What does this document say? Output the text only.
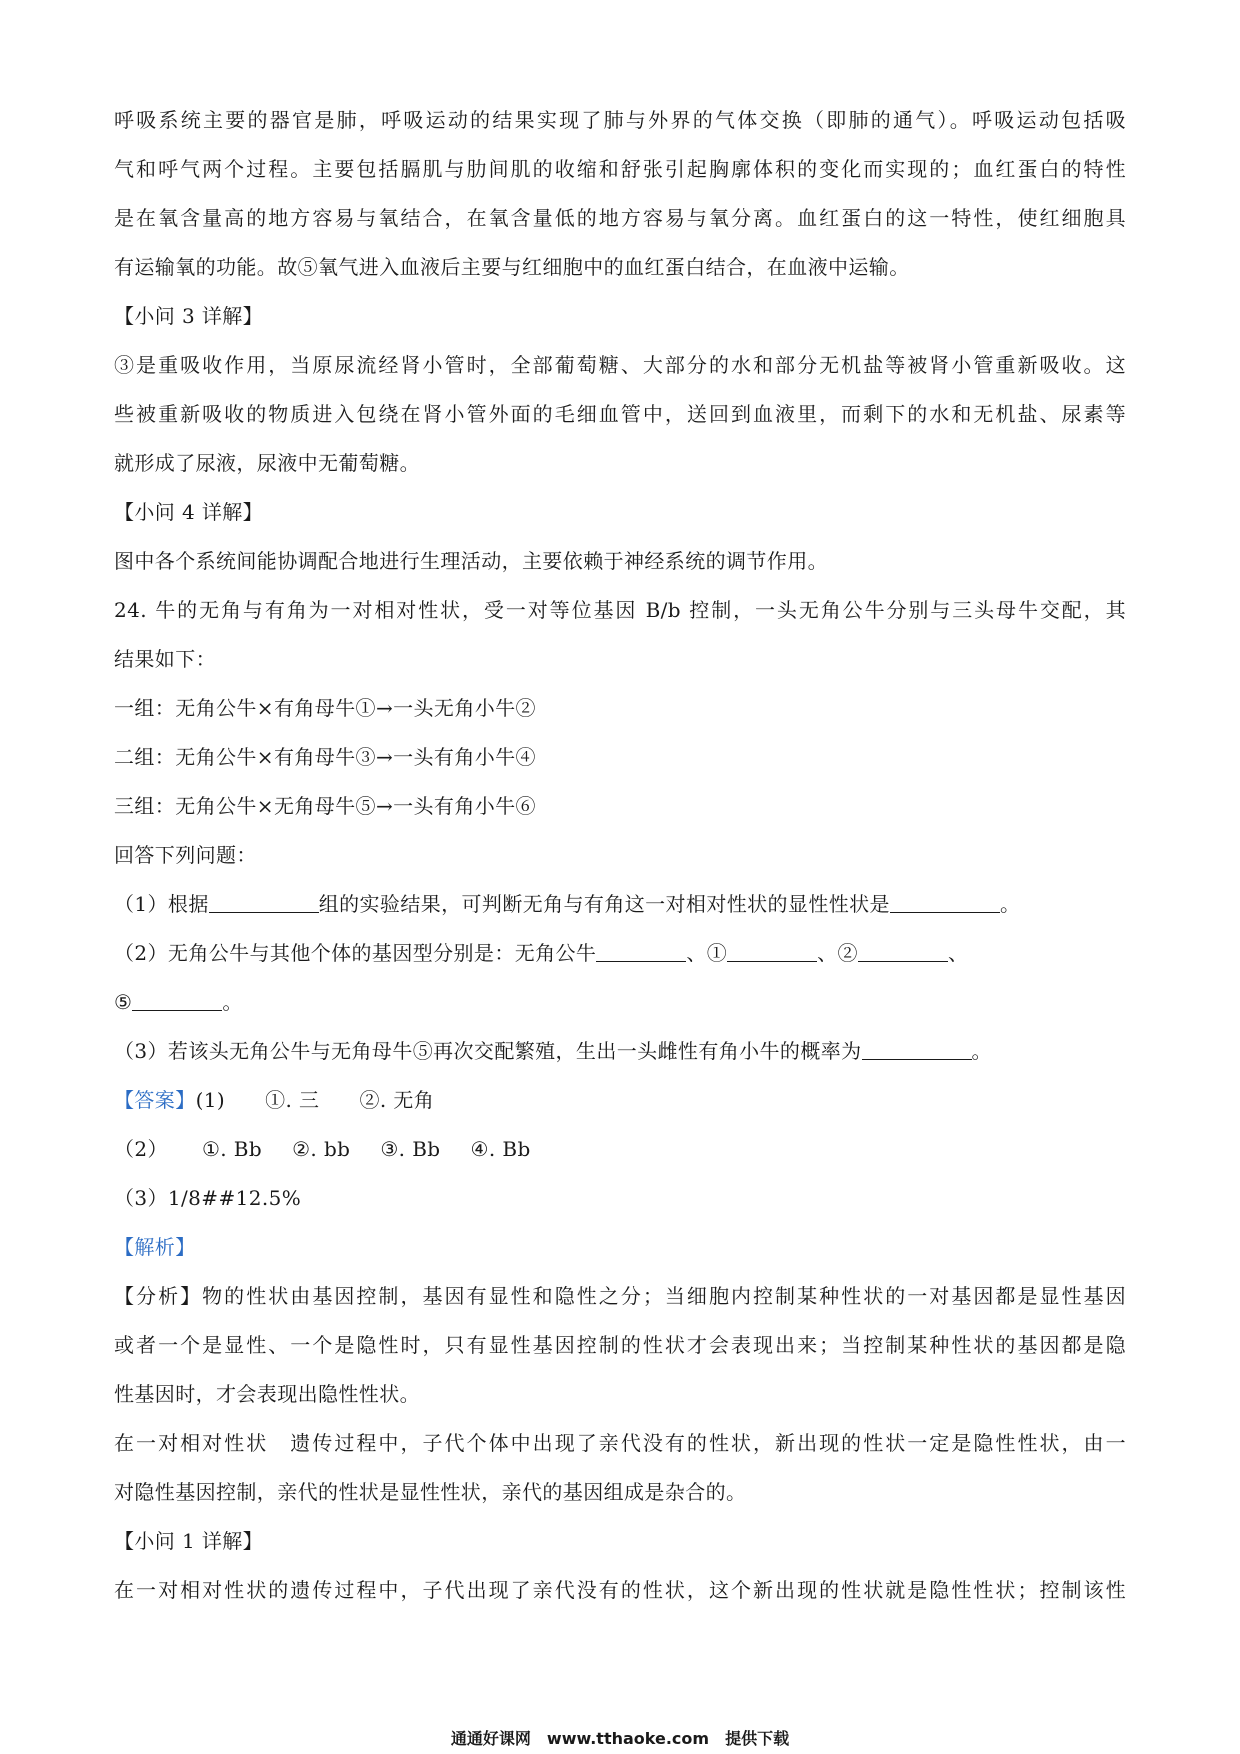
呼吸系统主要的器官是肺，呼吸运动的结果实现了肺与外界的气体交换（即肺的通气）。呼吸运动包括吸
气和呼气两个过程。主要包括膈肌与肋间肌的收缩和舒张引起胸廓体积的变化而实现的；血红蛋白的特性
是在氧含量高的地方容易与氧结合，在氧含量低的地方容易与氧分离。血红蛋白的这一特性，使红细胞具
有运输氧的功能。故⑤氧气进入血液后主要与红细胞中的血红蛋白结合，在血液中运输。
【小问 3 详解】
③是重吸收作用，当原尿流经肾小管时，全部葡萄糖、大部分的水和部分无机盐等被肾小管重新吸收。这
些被重新吸收的物质进入包绕在肾小管外面的毛细血管中，送回到血液里，而剩下的水和无机盐、尿素等
就形成了尿液，尿液中无葡萄糖。
【小问 4 详解】
图中各个系统间能协调配合地进行生理活动，主要依赖于神经系统的调节作用。
24. 牛的无角与有角为一对相对性状，受一对等位基因 B/b 控制，一头无角公牛分别与三头母牛交配，其
结果如下：
一组：无角公牛×有角母牛①→一头无角小牛②
二组：无角公牛×有角母牛③→一头有角小牛④
三组：无角公牛×无角母牛⑤→一头有角小牛⑥
回答下列问题：
（1）根据	组的实验结果，可判断无角与有角这一对相对性状的显性性状是	。
（2）无角公牛与其他个体的基因型分别是：无角公牛	、①	、②	、
⑤	。
（3）若该头无角公牛与无角母牛⑤再次交配繁殖，生出一头雌性有角小牛的概率为	。
【答案】(1) ①. 三 ②. 无角
（2） ①. Bb ②. bb ③. Bb ④. Bb
（3）1/8##12.5%
【解析】
【分析】物的性状由基因控制，基因有显性和隐性之分；当细胞内控制某种性状的一对基因都是显性基因
或者一个是显性、一个是隐性时，只有显性基因控制的性状才会表现出来；当控制某种性状的基因都是隐
性基因时，才会表现出隐性性状。
在一对相对性状　遗传过程中，子代个体中出现了亲代没有的性状，新出现的性状一定是隐性性状，由一
对隐性基因控制，亲代的性状是显性性状，亲代的基因组成是杂合的。
【小问 1 详解】
在一对相对性状的遗传过程中，子代出现了亲代没有的性状，这个新出现的性状就是隐性性状；控制该性
通通好课网　www.tthaoke.com　提供下载
